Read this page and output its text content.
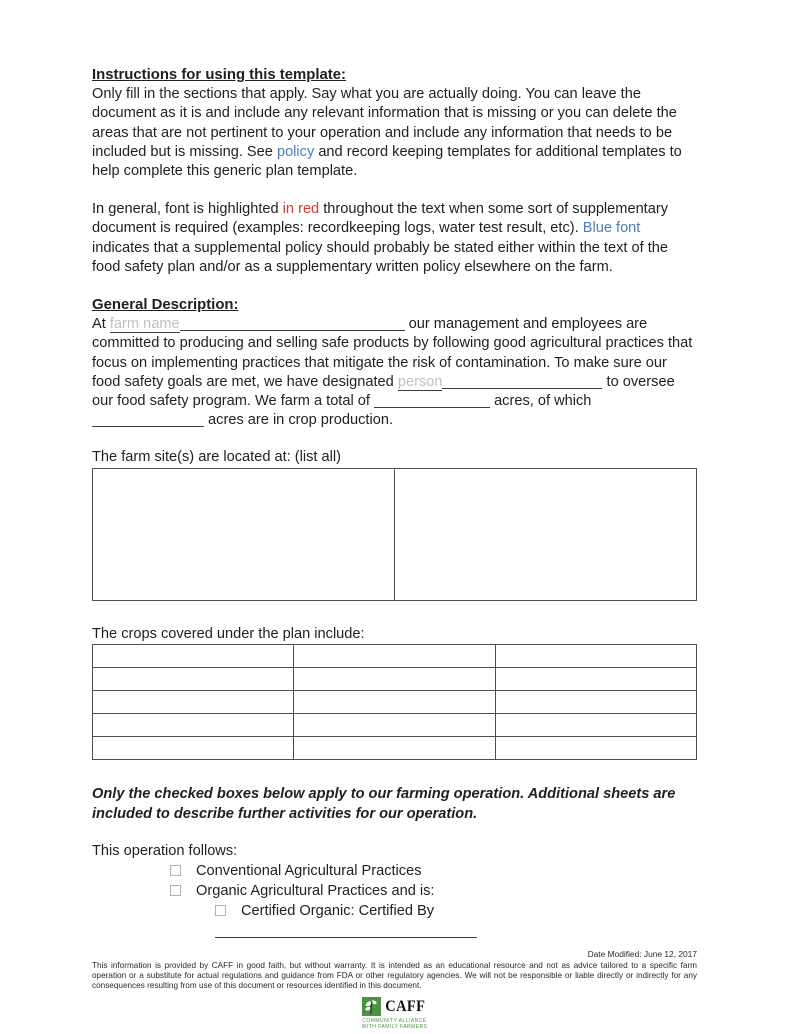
Instructions for using this template:

Only fill in the sections that apply. Say what you are actually doing. You can leave the document as it is and include any relevant information that is missing or you can delete the areas that are not pertinent to your operation and include any information that needs to be included but is missing. See policy and record keeping templates for additional templates to help complete this generic plan template.

In general, font is highlighted in red throughout the text when some sort of supplementary document is required (examples: recordkeeping logs, water test result, etc). Blue font indicates that a supplemental policy should probably be stated either within the text of the food safety plan and/or as a supplementary written policy elsewhere on the farm.

General Description:

At farm name	our management and employees are committed to producing and selling safe products by following good agricultural practices that focus on implementing practices that mitigate the risk of contamination. To make sure our food safety goals are met, we have designated person	to oversee our food safety program. We farm a total of	acres, of which  acres are in crop production.

The farm site(s) are located at: (list all)

The crops covered under the plan include:

Only the checked boxes below apply to our farming operation. Additional sheets are included to describe further activities for our operation.

This operation follows:

Conventional Agricultural Practices
Organic Agricultural Practices and is:
Certified Organic: Certified By
Date Modified: June 12, 2017
This information is provided by CAFF in good faith, but without warranty. It is intended as an educational resource and not as advice tailored to a specific farm operation or a substitute for actual regulations and guidance from FDA or other regulatory agencies. We will not be responsible or liable directly or indirectly for any consequences resulting from use of this document or resources identified in this document.
CAFF
COMMUNITY ALLIANCE
WITH FAMILY FARMERS
